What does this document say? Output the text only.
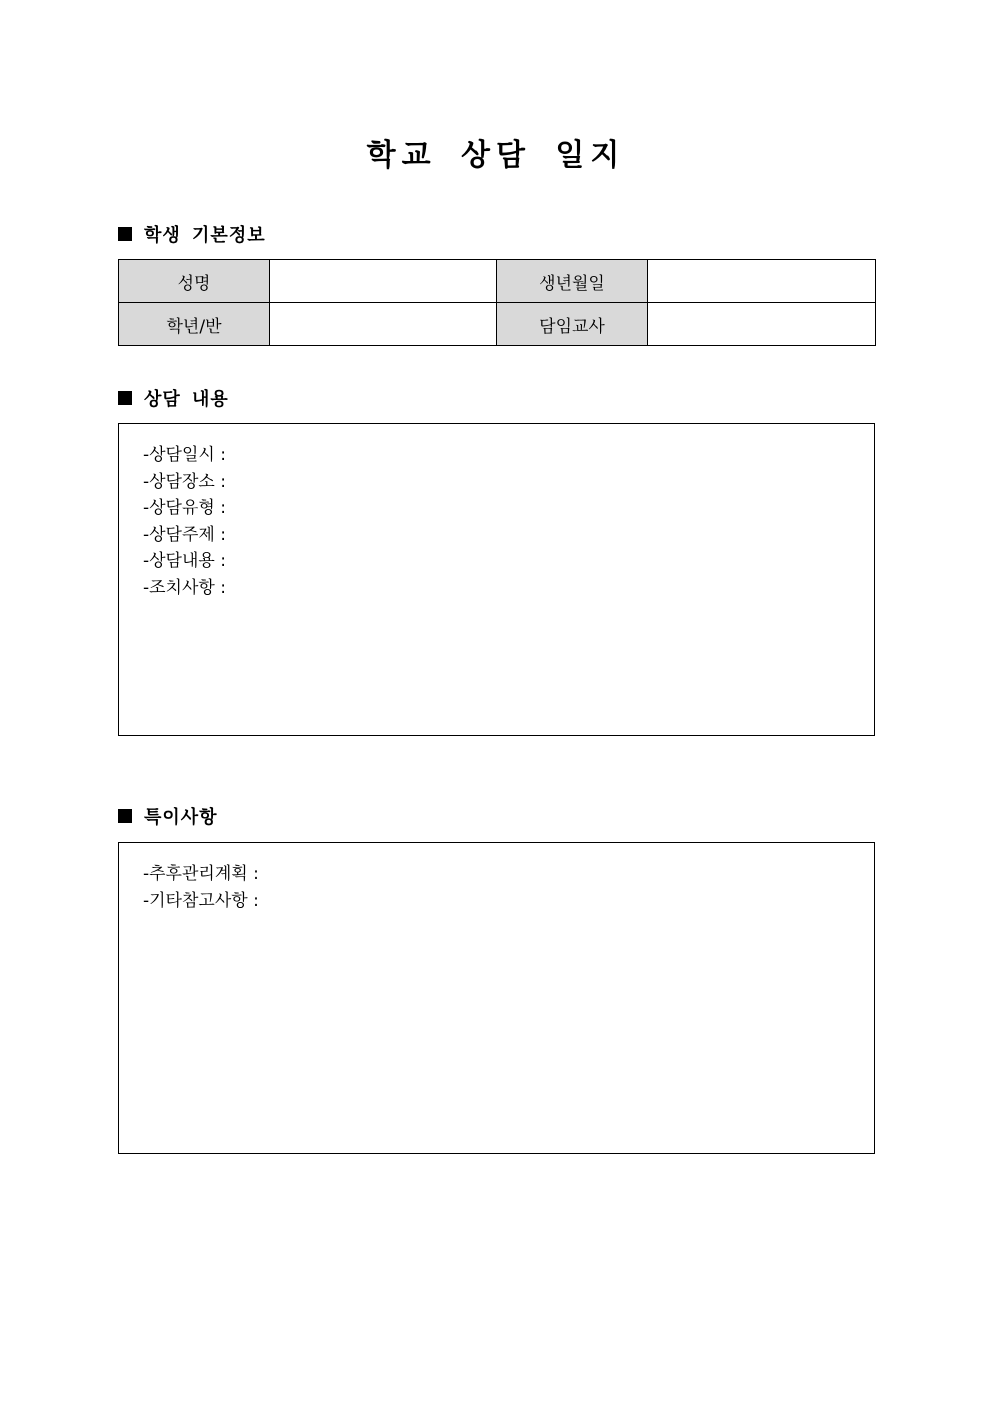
학교 상담 일지
학생 기본정보
성명		생년월일	
학년/반		담임교사	
상담 내용
-상담일시 :
-상담장소 :
-상담유형 :
-상담주제 :
-상담내용 :
-조치사항 :
특이사항
-추후관리계획 :
-기타참고사항 :
